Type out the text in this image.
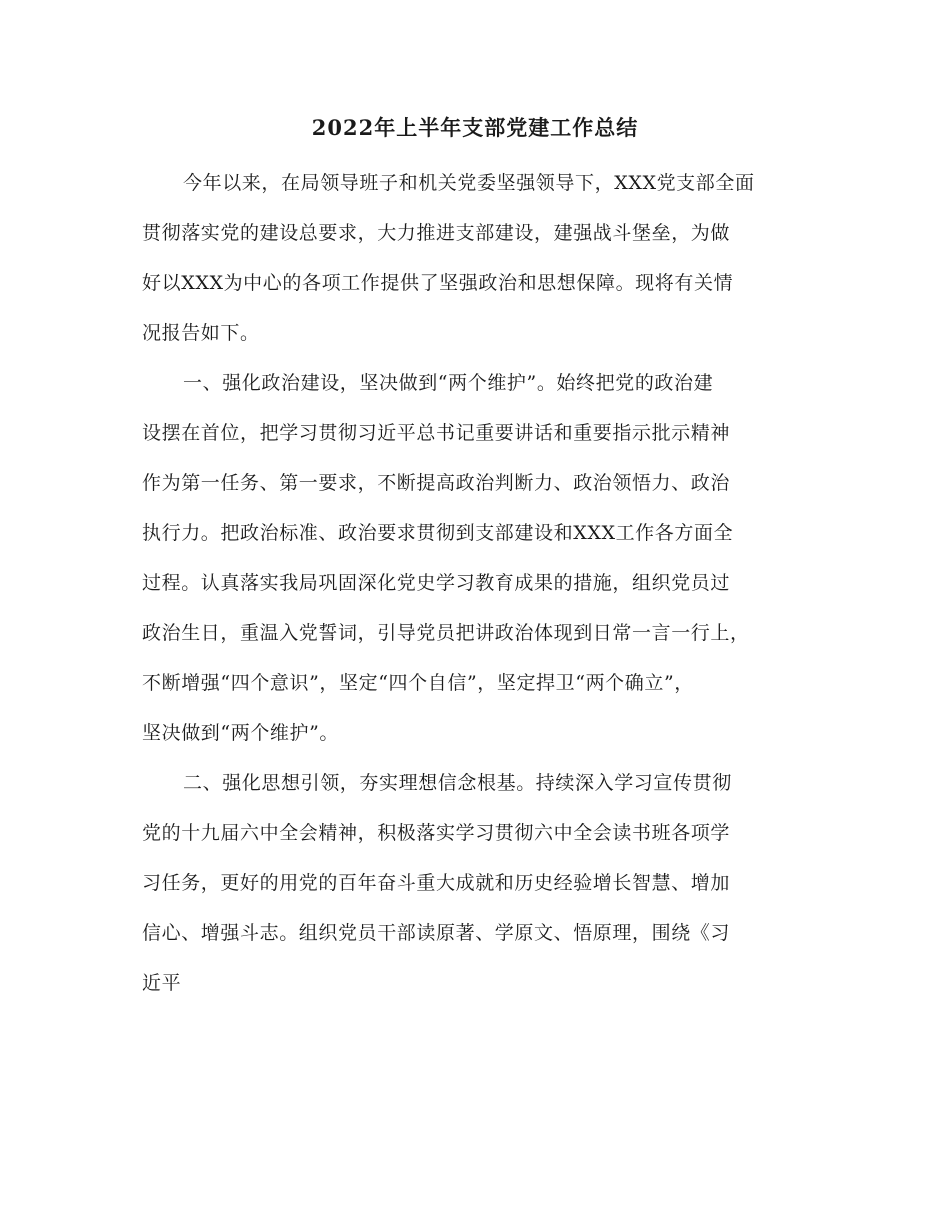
2022年上半年支部党建工作总结
今年以来，在局领导班子和机关党委坚强领导下，XXX党支部全面
贯彻落实党的建设总要求，大力推进支部建设，建强战斗堡垒，为做
好以XXX为中心的各项工作提供了坚强政治和思想保障。现将有关情
况报告如下。
一、强化政治建设，坚决做到“两个维护”。始终把党的政治建
设摆在首位，把学习贯彻习近平总书记重要讲话和重要指示批示精神
作为第一任务、第一要求，不断提高政治判断力、政治领悟力、政治
执行力。把政治标准、政治要求贯彻到支部建设和XXX工作各方面全
过程。认真落实我局巩固深化党史学习教育成果的措施，组织党员过
政治生日，重温入党誓词，引导党员把讲政治体现到日常一言一行上，
不断增强“四个意识”，坚定“四个自信”，坚定捍卫“两个确立”，
坚决做到“两个维护”。
二、强化思想引领，夯实理想信念根基。持续深入学习宣传贯彻
党的十九届六中全会精神，积极落实学习贯彻六中全会读书班各项学
习任务，更好的用党的百年奋斗重大成就和历史经验增长智慧、增加
信心、增强斗志。组织党员干部读原著、学原文、悟原理，围绕《习
近平
